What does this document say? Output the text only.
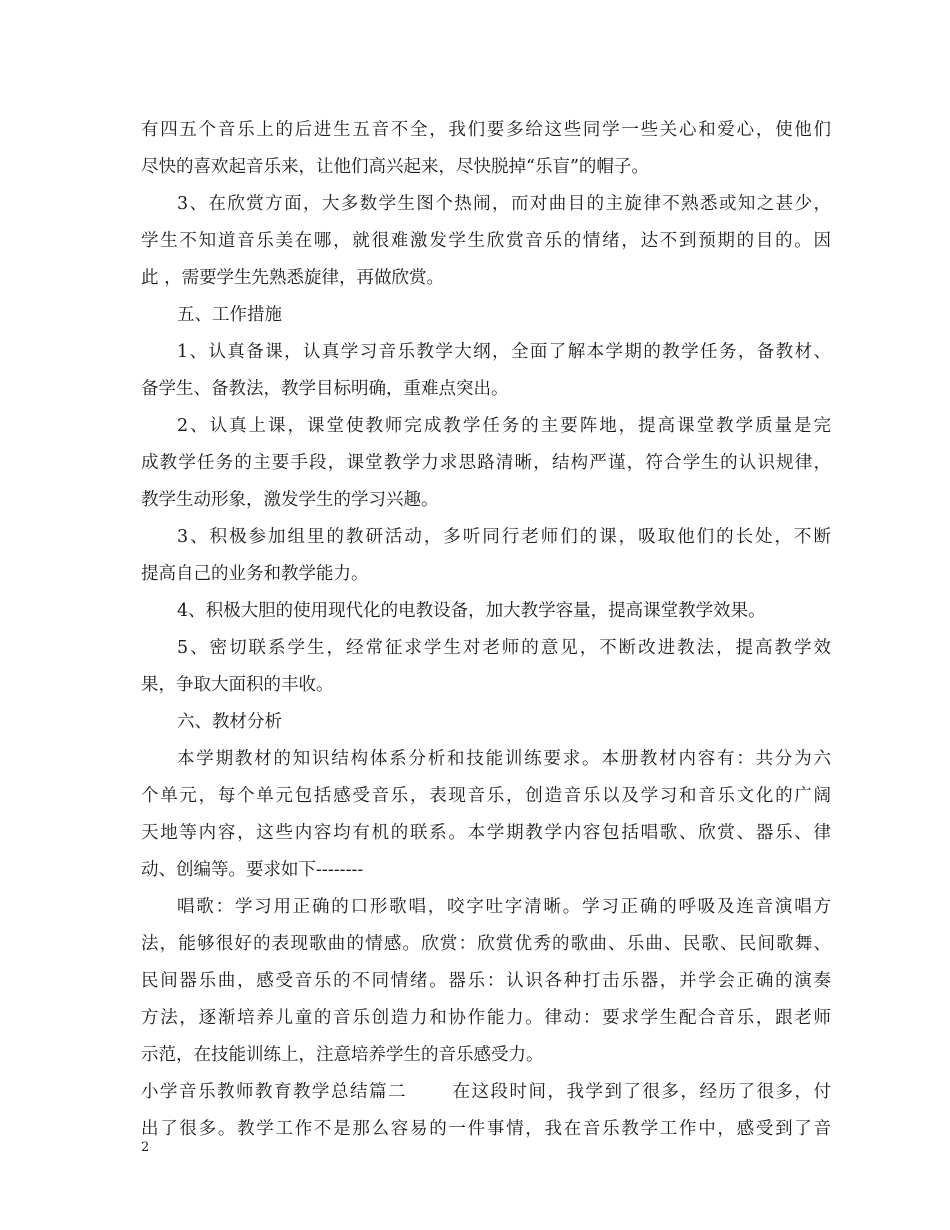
有四五个音乐上的后进生五音不全，我们要多给这些同学一些关心和爱心，使他们
尽快的喜欢起音乐来，让他们高兴起来，尽快脱掉“乐盲”的帽子。
3、在欣赏方面，大多数学生图个热闹，而对曲目的主旋律不熟悉或知之甚少，
学生不知道音乐美在哪，就很难激发学生欣赏音乐的情绪，达不到预期的目的。因
此 ，需要学生先熟悉旋律，再做欣赏。
五、工作措施
1、认真备课，认真学习音乐教学大纲，全面了解本学期的教学任务，备教材、
备学生、备教法，教学目标明确，重难点突出。
2、认真上课，课堂使教师完成教学任务的主要阵地，提高课堂教学质量是完
成教学任务的主要手段，课堂教学力求思路清晰，结构严谨，符合学生的认识规律，
教学生动形象，激发学生的学习兴趣。
3、积极参加组里的教研活动，多听同行老师们的课，吸取他们的长处，不断
提高自己的业务和教学能力。
4、积极大胆的使用现代化的电教设备，加大教学容量，提高课堂教学效果。
5、密切联系学生，经常征求学生对老师的意见，不断改进教法，提高教学效
果，争取大面积的丰收。
六、教材分析
本学期教材的知识结构体系分析和技能训练要求。本册教材内容有：共分为六
个单元，每个单元包括感受音乐，表现音乐，创造音乐以及学习和音乐文化的广阔
天地等内容，这些内容均有机的联系。本学期教学内容包括唱歌、欣赏、器乐、律
动、创编等。要求如下--------
唱歌：学习用正确的口形歌唱，咬字吐字清晰。学习正确的呼吸及连音演唱方
法，能够很好的表现歌曲的情感。欣赏：欣赏优秀的歌曲、乐曲、民歌、民间歌舞、
民间器乐曲，感受音乐的不同情绪。器乐：认识各种打击乐器，并学会正确的演奏
方法，逐渐培养儿童的音乐创造力和协作能力。律动：要求学生配合音乐，跟老师
示范，在技能训练上，注意培养学生的音乐感受力。
小学音乐教师教育教学总结篇二	在这段时间，我学到了很多，经历了很多，付
出了很多。教学工作不是那么容易的一件事情，我在音乐教学工作中，感受到了音
2
